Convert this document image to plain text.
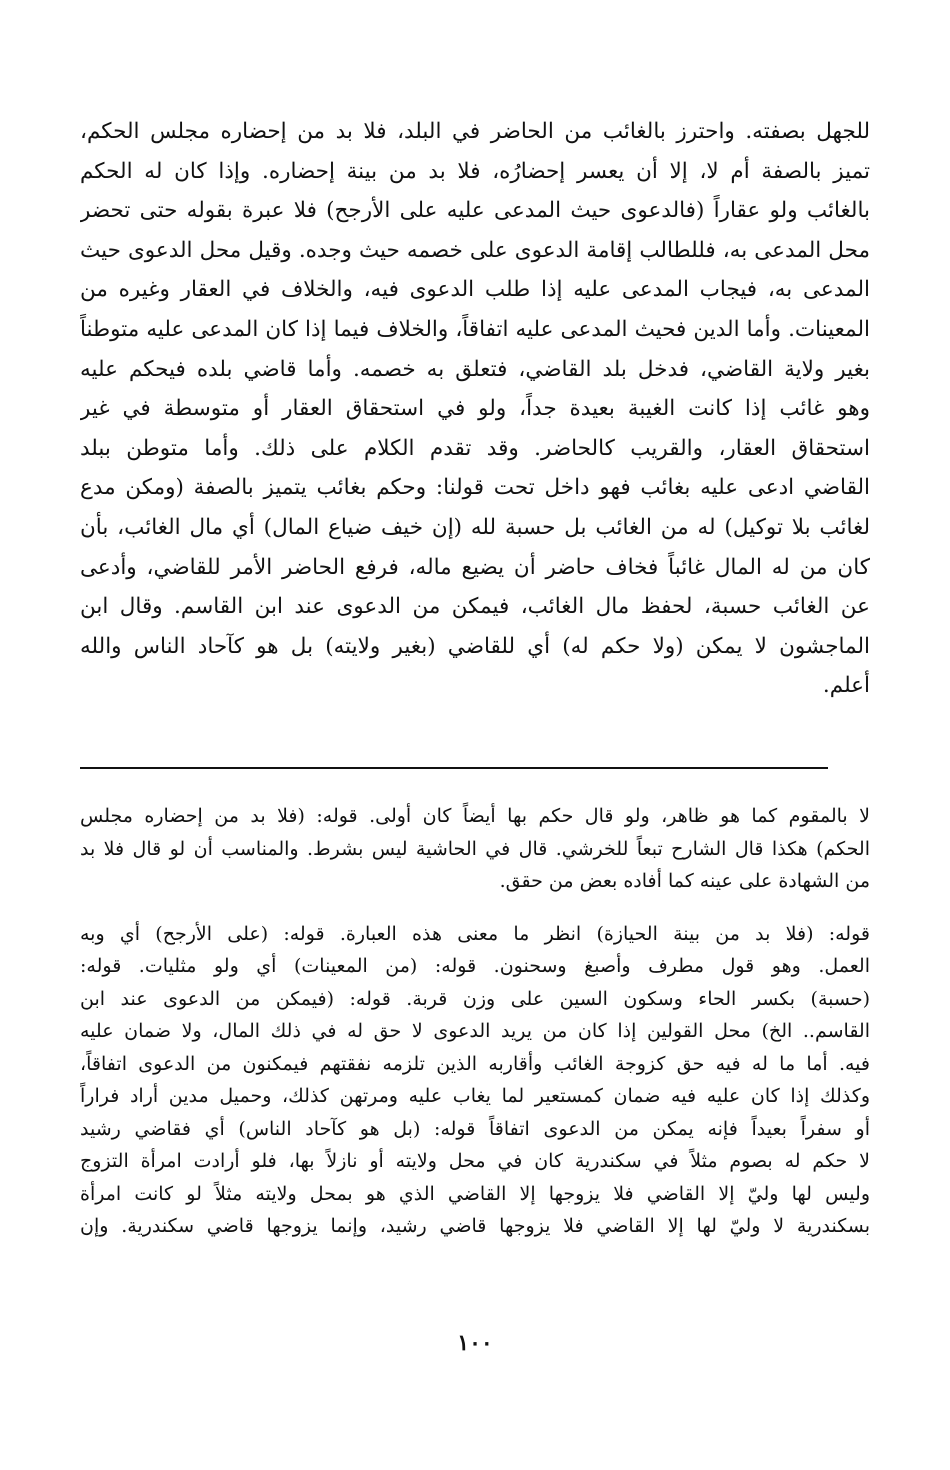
للجهل بصفته. واحترز بالغائب من الحاضر في البلد، فلا بد من إحضاره مجلس الحكم،
تميز بالصفة أم لا، إلا أن يعسر إحضارُه، فلا بد من بينة إحضاره. وإذا كان له الحكم
بالغائب ولو عقاراً (فالدعوى حيث المدعى عليه على الأرجح) فلا عبرة بقوله حتى تحضر
محل المدعى به، فللطالب إقامة الدعوى على خصمه حيث وجده. وقيل محل الدعوى حيث
المدعى به، فيجاب المدعى عليه إذا طلب الدعوى فيه، والخلاف في العقار وغيره من
المعينات. وأما الدين فحيث المدعى عليه اتفاقاً، والخلاف فيما إذا كان المدعى عليه متوطناً
بغير ولاية القاضي، فدخل بلد القاضي، فتعلق به خصمه. وأما قاضي بلده فيحكم عليه
وهو غائب إذا كانت الغيبة بعيدة جداً، ولو في استحقاق العقار أو متوسطة في غير
استحقاق العقار، والقريب كالحاضر. وقد تقدم الكلام على ذلك. وأما متوطن ببلد
القاضي ادعى عليه بغائب فهو داخل تحت قولنا: وحكم بغائب يتميز بالصفة (ومكن مدع
لغائب بلا توكيل) له من الغائب بل حسبة لله (إن خيف ضياع المال) أي مال الغائب، بأن
كان من له المال غائباً فخاف حاضر أن يضيع ماله، فرفع الحاضر الأمر للقاضي، وأدعى
عن الغائب حسبة، لحفظ مال الغائب، فيمكن من الدعوى عند ابن القاسم. وقال ابن
الماجشون لا يمكن (ولا حكم له) أي للقاضي (بغير ولايته) بل هو كآحاد الناس والله
أعلم.
لا بالمقوم كما هو ظاهر، ولو قال حكم بها أيضاً كان أولى. قوله: (فلا بد من إحضاره مجلس
الحكم) هكذا قال الشارح تبعاً للخرشي. قال في الحاشية ليس بشرط. والمناسب أن لو قال فلا بد
من الشهادة على عينه كما أفاده بعض من حقق.
قوله: (فلا بد من بينة الحيازة) انظر ما معنى هذه العبارة. قوله: (على الأرجح) أي وبه
العمل. وهو قول مطرف وأصبغ وسحنون. قوله: (من المعينات) أي ولو مثليات. قوله:
(حسبة) بكسر الحاء وسكون السين على وزن قربة. قوله: (فيمكن من الدعوى عند ابن
القاسم.. الخ) محل القولين إذا كان من يريد الدعوى لا حق له في ذلك المال، ولا ضمان عليه
فيه. أما ما له فيه حق كزوجة الغائب وأقاربه الذين تلزمه نفقتهم فيمكنون من الدعوى اتفاقاً،
وكذلك إذا كان عليه فيه ضمان كمستعير لما يغاب عليه ومرتهن كذلك، وحميل مدين أراد فراراً
أو سفراً بعيداً فإنه يمكن من الدعوى اتفاقاً قوله: (بل هو كآحاد الناس) أي فقاضي رشيد
لا حكم له بصوم مثلاً في سكندرية كان في محل ولايته أو نازلاً بها، فلو أرادت امرأة التزوج
وليس لها وليّ إلا القاضي فلا يزوجها إلا القاضي الذي هو بمحل ولايته مثلاً لو كانت امرأة
بسكندرية لا وليّ لها إلا القاضي فلا يزوجها قاضي رشيد، وإنما يزوجها قاضي سكندرية. وإن
١٠٠
